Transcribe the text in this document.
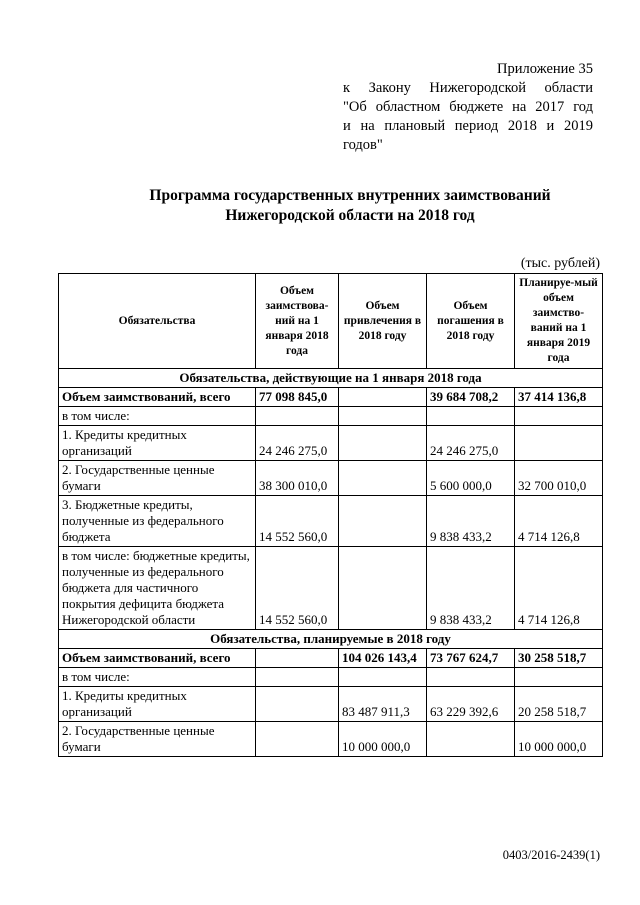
Приложение 35
к Закону Нижегородской области
"Об областном бюджете на 2017 год
и на плановый период 2018 и 2019
годов"
Программа государственных внутренних заимствований
Нижегородской области на 2018 год
(тыс. рублей)
Обязательства	Объем заимствова-ний на 1 января 2018 года	Объем привлечения в 2018 году	Объем погашения в 2018 году	Планируе-мый объем заимство-ваний на 1 января 2019 года
Обязательства, действующие на 1 января 2018 года				
Объем заимствований, всего	77 098 845,0		39 684 708,2	37 414 136,8
в том числе:				
1. Кредиты кредитных организаций	24 246 275,0		24 246 275,0	
2. Государственные ценные бумаги	38 300 010,0		5 600 000,0	32 700 010,0
3. Бюджетные кредиты, полученные из федерального бюджета	14 552 560,0		9 838 433,2	4 714 126,8
в том числе: бюджетные кредиты, полученные из федерального бюджета для частичного покрытия дефицита бюджета Нижегородской области	14 552 560,0		9 838 433,2	4 714 126,8
Обязательства, планируемые в 2018 году				
Объем заимствований, всего		104 026 143,4	73 767 624,7	30 258 518,7
в том числе:				
1. Кредиты кредитных организаций		83 487 911,3	63 229 392,6	20 258 518,7
2. Государственные ценные бумаги		10 000 000,0		10 000 000,0
0403/2016-2439(1)
